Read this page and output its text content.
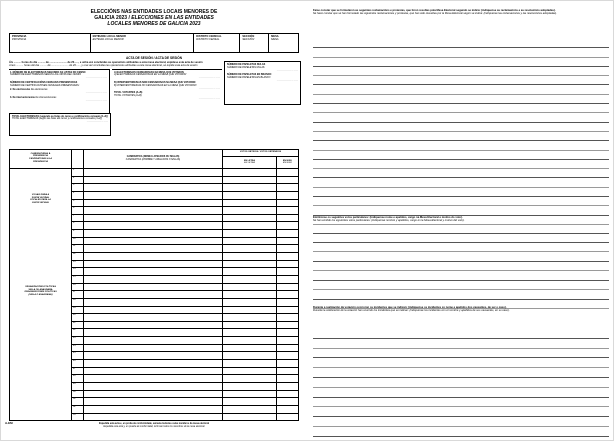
ELECCIÓNS NAS ENTIDADES LOCAIS MENORES DE
GALICIA 2023 / ELECCIONES EN LAS ENTIDADES
LOCALES MENORES DE GALICIA 2023
PROVINCIA
PROVINCIA
ENTIDADE LOCAL MENOR
ENTIDAD LOCAL MENOR
DISTRITO CENSUAL
DISTRITO CENSAL
SECCIÓN
SECCIÓN
MESA
MESA
ACTA DE SESIÓN / ACTA DE SESIÓN
Á/s .......... horas do día .......... de ........................ de 20......, e unha vez concluídas as operacións atribuídas a esta mesa electoral, expídese esta acta de sesión
A la/s .......... horas del día .......... de ........................ de 20......, y una vez concluidas las operaciones atribuidas a esta mesa electoral, se expide esta acta de sesión
1. NÚMERO DE ELECTORES/AS SEGUNDO AS LISTAS DO CENSO
NÚMERO DE ELECTORES/AS SEGÚN LAS LISTAS DEL CENSO
....................
NÚMERO DE CERTIFICACIÓNS CENSUAIS PRESENTADAS
NÚMERO DE CERTIFICACIONES CENSALES PRESENTADAS:
2. De electores/as De electores/as
....................
3. De interventores/as De interventores/as
....................
A) ELECTORES/AS CENSADOS/AS NA MESA QUE VOTARON
A) ELECTORES/AS CENSADOS/AS EN LA MESA QUE VOTARON
....................
B) INTERVENTORES/AS NON CENSADOS/AS NA MESA QUE VOTARON
B) INTERVENTORES/AS NO CENSADOS/AS EN LA MESA QUE VOTARON
....................
TOTAL VOTANTES (A+B)
TOTAL VOTANTES (A+B)
....................
NÚMERO DE PAPELETAS NULAS
NÚMERO DE PAPELETAS NULAS
....................
NÚMERO DE PAPELETAS EN BRANCO
NÚMERO DE PAPELETAS EN BLANCO
....................
TOTAL ELECTORES/AS (segundo as listas do censo e certificacións censuais (1+2))
TOTAL ELECTORES/AS (según las listas del censo y certificaciones censales (1+2))
....................
CANDIDATURAS Á
PRESIDENCIA
CANDIDATURAS A LA
PRESIDENCIA
CANDIDATO/A (NOME E APELIDOS OU SIGLAS)
CANDIDATO/A (NOMBRE Y APELLIDOS O SIGLAS)
VOTOS OBTIDOS / VOTOS OBTENIDOS
EN LETRA
EN LETRA
EN NÚM.
EN NÚM.
VOGAIS PARA A
XUNTA VECIÑAL
VOCALES PARA LA
JUNTA VECINAL
ORGANIZACIÓNS POLÍTICAS
SIGLA OU ANAGRAMA
ORGANIZACIONES POLÍTICAS
(SIGLA O ANAGRAMA)
1
2
3
4
5
6
7
8
9
10
11
12
13
14
15
16
17
18
19
20
21
22
23
24
25
26
27
28
29
30
31
32
33
Expedida esta acta e, en proba de conformidade, asínana todos/as os/as membros da mesa electoral
Expedida esta acta y, en prueba de conformidad, la firman todos los miembros de la mesa electoral
A-EM
Faise constar que se formularon as seguintes reclamacións e protestas, que foron resoltas pola Mesa Electoral segundo se indica: (indíquense as reclamacións e as resolucións adoptadas).
Se hace constar que se han formulado las siguientes reclamaciones y protestas, que han sido resueltas por la Mesa Electoral según se indica: (indíquense las reclamaciones y las resoluciones adoptadas).
Emitíronse os seguintes votos particulares: (indíquense nome e apelidos, cargo na Mesa Electoral e motivo do voto).
Se han emitido los siguientes votos particulares: (indíquense nombre y apellidos, cargo en la Mesa Electoral y motivo del voto).
Durante a realización da votación ocorreron os incidentes que se indican: (indíquense os incidentes co nome e apelidos dos causantes, de ser o caso).
Durante la celebración de la votación han ocurrido los incidentes que se indican: (indíquense los incidentes con el nombre y apellidos de sus causantes, en su caso).
